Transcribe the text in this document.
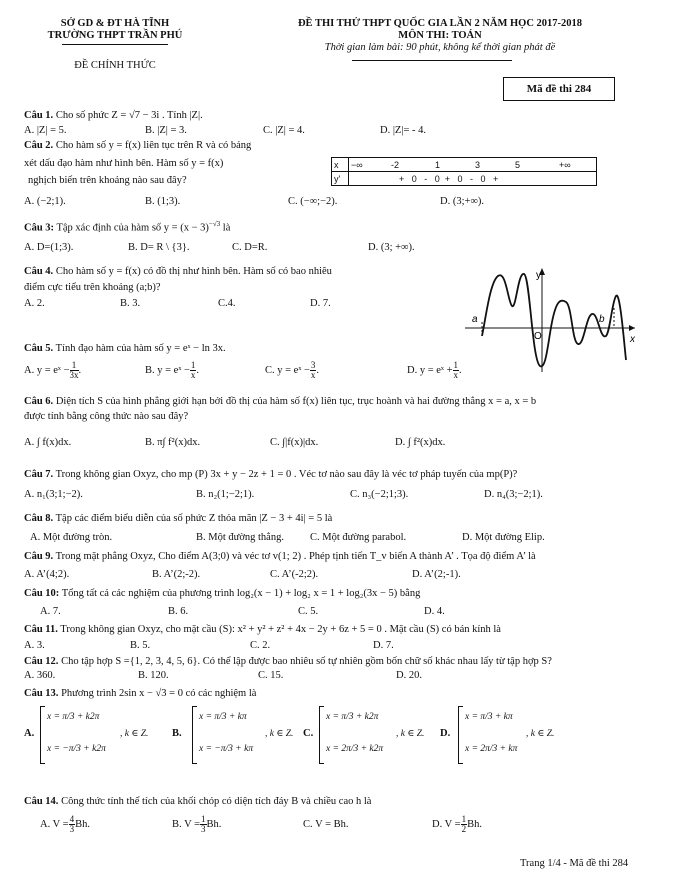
SỞ GD & ĐT HÀ TĨNH
TRƯỜNG THPT TRẦN PHÚ
ĐỀ CHÍNH THỨC
ĐỀ THI THỬ THPT QUỐC GIA LẦN 2 NĂM HỌC 2017-2018
MÔN THI: TOÁN
Thời gian làm bài: 90 phút, không kể thời gian phát đề
Mã đề thi 284
Câu 1. Cho số phức Z = √7 − 3i . Tính |Z|.
A. |Z| = 5.	B. |Z| = 3.	C. |Z| = 4.	D. |Z|= - 4.
Câu 2. Cho hàm số y = f(x) liên tục trên R và có bảng
xét dấu đạo hàm như hình bên. Hàm số y = f(x)
nghịch biến trên khoảng nào sau đây?
x	−∞ -2 1 3 5 +∞
y'	+   0   -   0  +   0   -   0   +
A. (−2;1).	B. (1;3).	C. (−∞;−2).	D. (3;+∞).
Câu 3: Tập xác định của hàm số $y = (x - 3)^{-√3}$ là
A. D=(1;3).	B. D= R \ {3}.	C. D=R.	D. (3; +∞).
Câu 4. Cho hàm số y = f(x) có đồ thị như hình bên. Hàm số có bao nhiêu
điểm cực tiểu trên khoảng (a;b)?
A. 2.	B. 3.	C.4.	D. 7.
y
x
a	b
O
Câu 5. Tính đạo hàm của hàm số y = eˣ − ln 3x.
A. y = eˣ − $\frac{1}{3x}$ .	B. y = eˣ − $\frac{1}{x}$ .	C. y = eˣ − $\frac{3}{x}$ .	D. y = eˣ + $\frac{1}{x}$ .
Câu 6. Diện tích S của hình phẳng giới hạn bởi đồ thị của hàm số f(x) liên tục, trục hoành và hai đường thẳng x = a, x = b
được tính bằng công thức nào sau đây?
A. ∫ f(x)dx.	B. π∫ f²(x)dx.	C. ∫|f(x)|dx.	D. ∫ f²(x)dx.
Câu 7. Trong không gian Oxyz, cho mp (P) 3x + y − 2z + 1 = 0 . Véc tơ nào sau đây là véc tơ pháp tuyến của mp(P)?
A. n₁(3;1;−2).	B. n₂(1;−2;1).	C. n₃(−2;1;3).	D. n₄(3;−2;1).
Câu 8. Tập các điểm biểu diễn của số phức Z thỏa mãn |Z − 3 + 4i| = 5 là
A. Một đường tròn.	B. Một đường thẳng. C. Một đường parabol.	D. Một đường Elip.
Câu 9. Trong mặt phẳng Oxyz, Cho điểm A(3;0) và véc tơ v(1; 2) . Phép tịnh tiến T_v biến A thành A’ . Tọa độ điểm A’ là
A. A’(4;2).	B. A’(2;-2).	C. A’(-2;2).	D. A’(2;-1).
Câu 10: Tổng tất cả các nghiệm của phương trình log₂(x − 1) + log₂ x = 1 + log₂(3x − 5) bằng
A. 7.	B. 6.	C. 5.	D. 4.
Câu 11. Trong không gian Oxyz, cho mặt cầu (S): x² + y² + z² + 4x − 2y + 6z + 5 = 0 . Mặt cầu (S) có bán kính là
A. 3.	B. 5.	C. 2.	D. 7.
Câu 12. Cho tập hợp S ={1, 2, 3, 4, 5, 6}. Có thể lập được bao nhiêu số tự nhiên gồm bốn chữ số khác nhau lấy từ tập hợp S?
A. 360.	B. 120.	C. 15.	D. 20.
Câu 13. Phương trình 2sin x − √3 = 0 có các nghiệm là
A.
x = π/3 + k2π
x = −π/3 + k2π
, k ∈ Z. B.
x = π/3 + kπ
x = −π/3 + kπ
, k ∈ Z. C.
x = π/3 + k2π
x = 2π/3 + k2π
, k ∈ Z. D.
x = π/3 + kπ
x = 2π/3 + kπ
, k ∈ Z.
Câu 14. Công thức tính thể tích của khối chóp có diện tích đáy B và chiều cao h là
A. $V = \frac{4}{3} Bh$.	B. $V = \frac{1}{3} Bh$.	C. V = Bh.	D. $V = \frac{1}{2} Bh$.
Trang 1/4 - Mã đề thi 284
